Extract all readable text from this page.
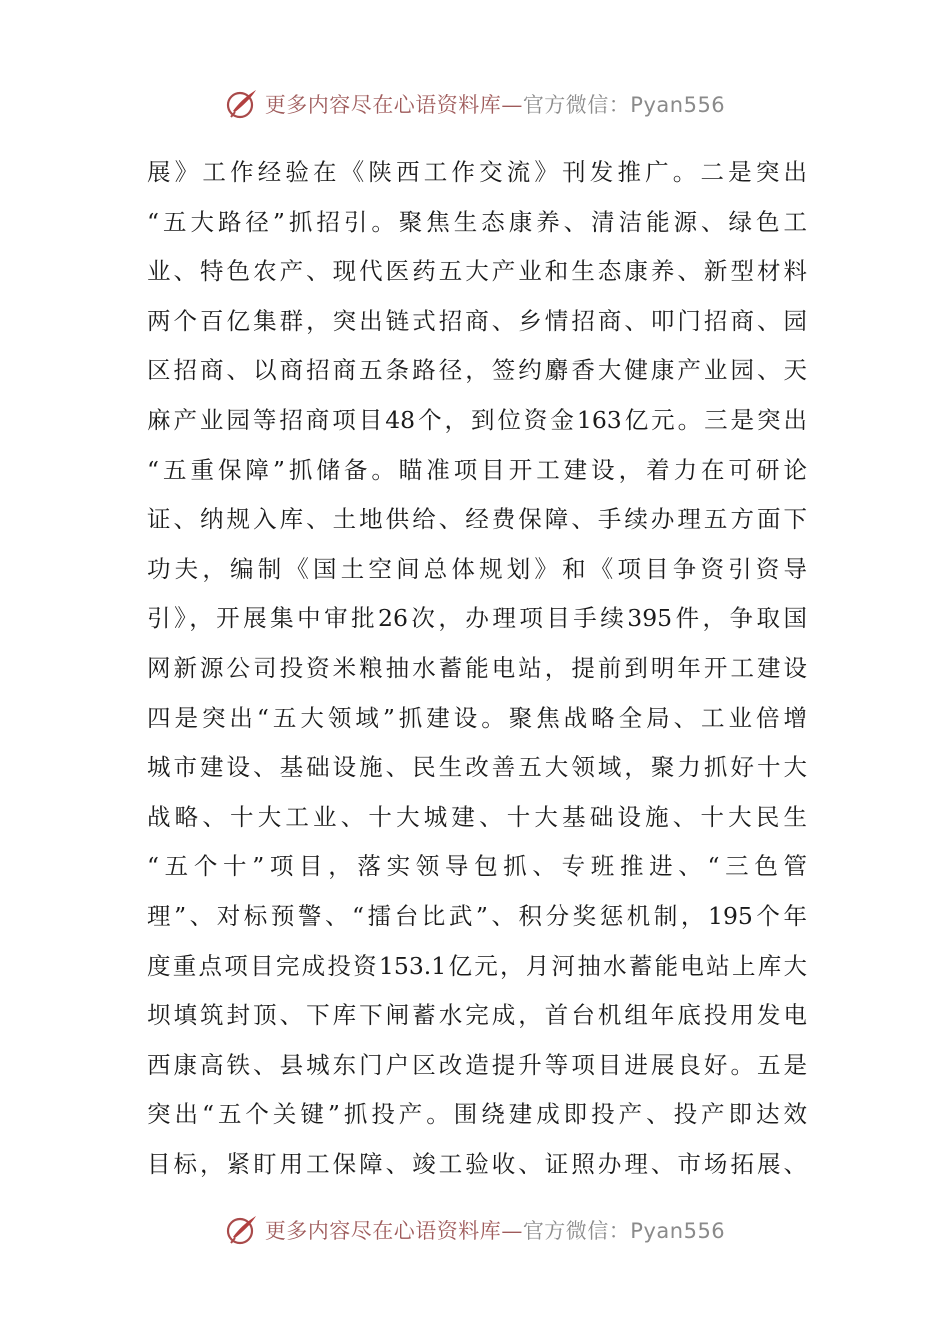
更多内容尽在心语资料库—官方微信：Pyan556
展》工作经验在《陕西工作交流》刊发推广。二是突出
“五大路径”抓招引。聚焦生态康养、清洁能源、绿色工
业、特色农产、现代医药五大产业和生态康养、新型材料
两个百亿集群，突出链式招商、乡情招商、叩门招商、园
区招商、以商招商五条路径，签约麝香大健康产业园、天
麻产业园等招商项目48个，到位资金163亿元。三是突出
“五重保障”抓储备。瞄准项目开工建设，着力在可研论
证、纳规入库、土地供给、经费保障、手续办理五方面下
功夫，编制《国土空间总体规划》和《项目争资引资导
引》，开展集中审批26次，办理项目手续395件，争取国
网新源公司投资米粮抽水蓄能电站，提前到明年开工建设
四是突出“五大领域”抓建设。聚焦战略全局、工业倍增
城市建设、基础设施、民生改善五大领域，聚力抓好十大
战略、十大工业、十大城建、十大基础设施、十大民生
“五个十”项目，落实领导包抓、专班推进、“三色管
理”、对标预警、“擂台比武”、积分奖惩机制，195个年
度重点项目完成投资153.1亿元，月河抽水蓄能电站上库大
坝填筑封顶、下库下闸蓄水完成，首台机组年底投用发电
西康高铁、县城东门户区改造提升等项目进展良好。五是
突出“五个关键”抓投产。围绕建成即投产、投产即达效
目标，紧盯用工保障、竣工验收、证照办理、市场拓展、
更多内容尽在心语资料库—官方微信：Pyan556
